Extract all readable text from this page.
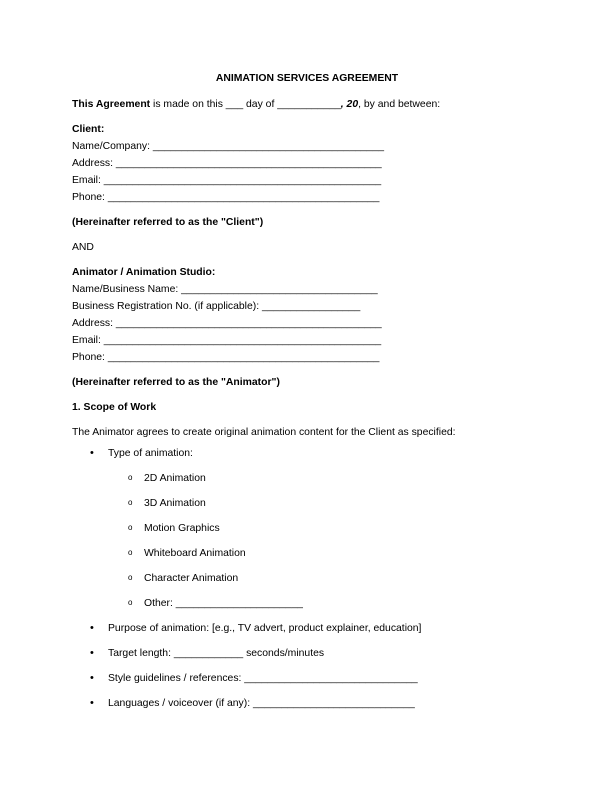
ANIMATION SERVICES AGREEMENT
This Agreement is made on this ___ day of ___________, 20, by and between:
Client:
Name/Company: ________________________________________
Address: ______________________________________________
Email: ________________________________________________
Phone: _______________________________________________
(Hereinafter referred to as the "Client")
AND
Animator / Animation Studio:
Name/Business Name: __________________________________
Business Registration No. (if applicable): _________________
Address: ______________________________________________
Email: ________________________________________________
Phone: _______________________________________________
(Hereinafter referred to as the "Animator")
1. Scope of Work
The Animator agrees to create original animation content for the Client as specified:
• Type of animation:
o 2D Animation
o 3D Animation
o Motion Graphics
o Whiteboard Animation
o Character Animation
o Other: ______________________
• Purpose of animation: [e.g., TV advert, product explainer, education]
• Target length: ____________ seconds/minutes
• Style guidelines / references: ______________________________
• Languages / voiceover (if any): ____________________________
